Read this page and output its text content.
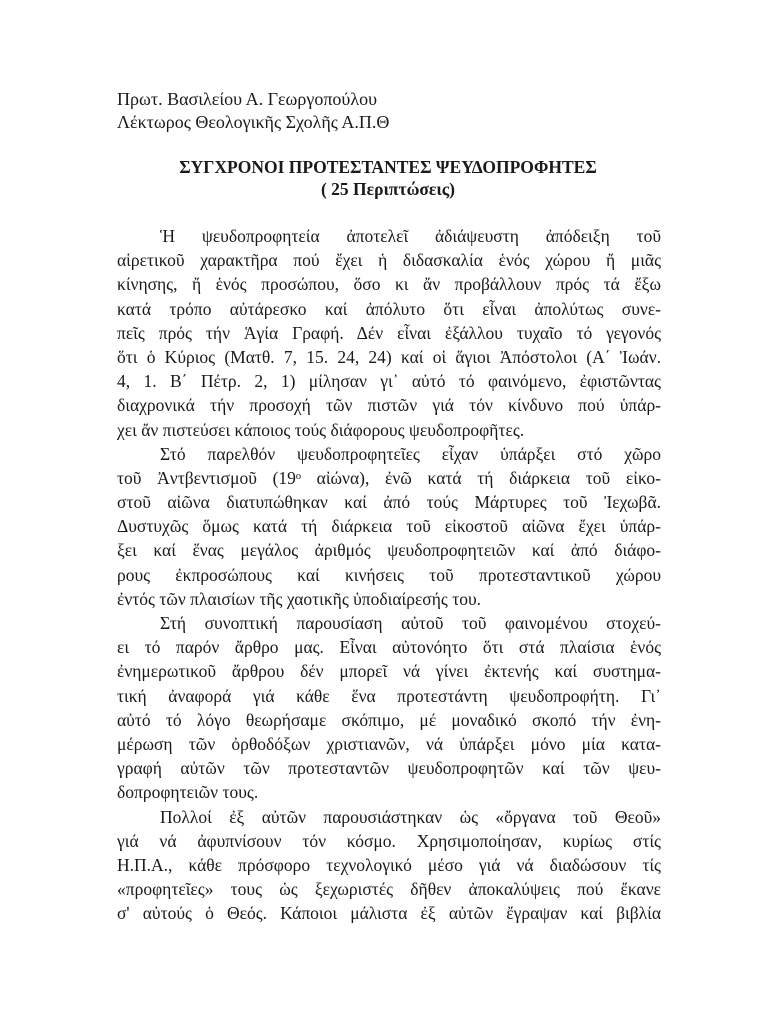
Πρωτ. Βασιλείου Α. Γεωργοπούλου
Λέκτωρος Θεολογικῆς Σχολῆς Α.Π.Θ
ΣΥΓΧΡΟΝΟΙ ΠΡΟΤΕΣΤΑΝΤΕΣ ΨΕΥΔΟΠΡΟΦΗΤΕΣ
( 25 Περιπτώσεις)
Ἡ ψευδοπροφητεία ἀποτελεῖ ἀδιάψευστη ἀπόδειξη τοῦ
αἱρετικοῦ χαρακτῆρα πού ἔχει ἡ διδασκαλία ἑνός χώρου ἤ μιᾶς
κίνησης, ἤ ἑνός προσώπου, ὅσο κι ἄν προβάλλουν πρός τά ἔξω
κατά τρόπο αὐτάρεσκο καί ἀπόλυτο ὅτι εἶναι ἀπολύτως συνε-
πεῖς πρός τήν Ἁγία Γραφή. Δέν εἶναι ἐξάλλου τυχαῖο τό γεγονός
ὅτι ὁ Κύριος (Ματθ. 7, 15. 24, 24) καί οἱ ἅγιοι Ἀπόστολοι (Α΄ Ἰωάν.
4, 1. Β΄ Πέτρ. 2, 1) μίλησαν γι᾽ αὐτό τό φαινόμενο, ἐφιστῶντας
διαχρονικά τήν προσοχή τῶν πιστῶν γιά τόν κίνδυνο πού ὑπάρ-
χει ἄν πιστεύσει κάποιος τούς διάφορους ψευδοπροφῆτες.
Στό παρελθόν ψευδοπροφητεῖες εἶχαν ὑπάρξει στό χῶρο
τοῦ Ἀντβεντισμοῦ (19ᵒ αἰώνα), ἐνῶ κατά τή διάρκεια τοῦ εἰκο-
στοῦ αἰῶνα διατυπώθηκαν καί ἀπό τούς Μάρτυρες τοῦ Ἰεχωβᾶ.
Δυστυχῶς ὅμως κατά τή διάρκεια τοῦ εἰκοστοῦ αἰῶνα ἔχει ὑπάρ-
ξει καί ἕνας μεγάλος ἀριθμός ψευδοπροφητειῶν καί ἀπό διάφο-
ρους ἐκπροσώπους καί κινήσεις τοῦ προτεσταντικοῦ χώρου
ἐντός τῶν πλαισίων τῆς χαοτικῆς ὑποδιαίρεσής του.
Στή συνοπτική παρουσίαση αὐτοῦ τοῦ φαινομένου στοχεύ-
ει τό παρόν ἄρθρο μας. Εἶναι αὐτονόητο ὅτι στά πλαίσια ἑνός
ἐνημερωτικοῦ ἄρθρου δέν μπορεῖ νά γίνει ἐκτενής καί συστημα-
τική ἀναφορά γιά κάθε ἕνα προτεστάντη ψευδοπροφήτη. Γι᾽
αὐτό τό λόγο θεωρήσαμε σκόπιμο, μέ μοναδικό σκοπό τήν ἐνη-
μέρωση τῶν ὀρθοδόξων χριστιανῶν, νά ὑπάρξει μόνο μία κατα-
γραφή αὐτῶν τῶν προτεσταντῶν ψευδοπροφητῶν καί τῶν ψευ-
δοπροφητειῶν τους.
Πολλοί ἐξ αὐτῶν παρουσιάστηκαν ὡς «ὄργανα τοῦ Θεοῦ»
γιά νά ἀφυπνίσουν τόν κόσμο. Χρησιμοποίησαν, κυρίως στίς
Η.Π.Α., κάθε πρόσφορο τεχνολογικό μέσο γιά νά διαδώσουν τίς
«προφητεῖες» τους ὡς ξεχωριστές δῆθεν ἀποκαλύψεις πού ἔκανε
σ' αὐτούς ὁ Θεός. Κάποιοι μάλιστα ἐξ αὐτῶν ἔγραψαν καί βιβλία
